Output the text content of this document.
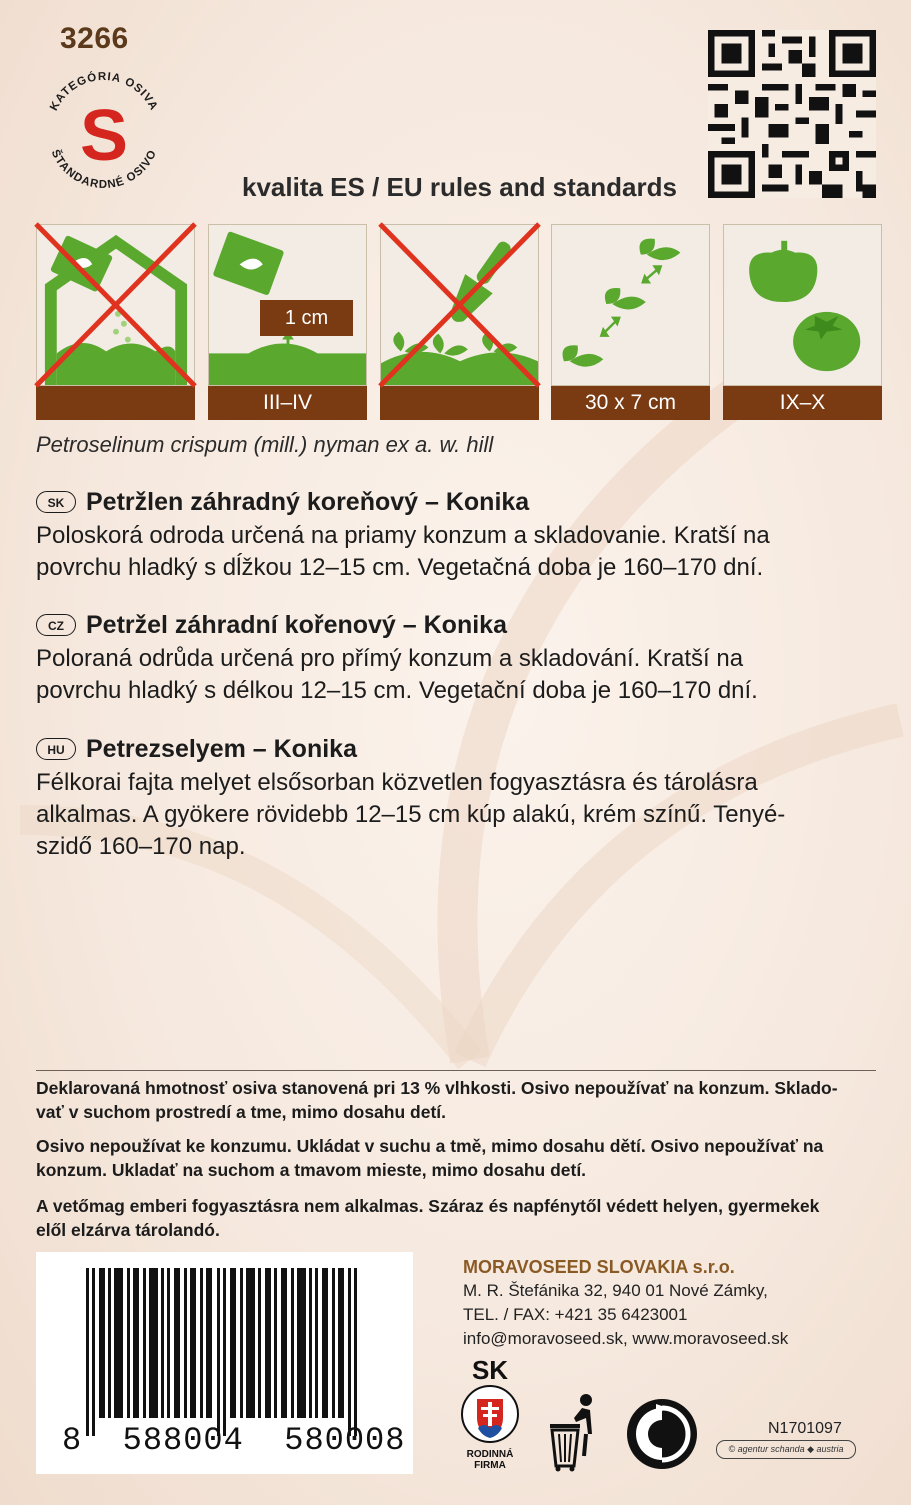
3266
KATEGÓRIA OSIVA
ŠTANDARDNÉ OSIVO
S
kvalita ES / EU rules and standards
III–IV	30 x 7 cm	IX–X
1 cm
Petroselinum crispum (mill.) nyman ex a. w. hill
SK Petržlen záhradný koreňový – Konika
Poloskorá odroda určená na priamy konzum a skladovanie. Kratší na
povrchu hladký s dĺžkou 12–15 cm. Vegetačná doba je 160–170 dní.
CZ Petržel záhradní kořenový – Konika
Polorаná odrůda určená pro přímý konzum a skladování. Kratší na
povrchu hladký s délkou 12–15 cm. Vegetační doba je 160–170 dní.
HU Petrezselyem – Konika
Félkorai fajta melyet elsősorban közvetlen fogyasztásra és tárolásra
alkalmas. A gyökere rövidebb 12–15 cm kúp alakú, krém színű. Tenyé-
szidő 160–170 nap.
Deklarovaná hmotnosť osiva stanovená pri 13 % vlhkosti. Osivo nepoužívať na konzum. Sklado-
vať v suchom prostredí a tme, mimo dosahu detí.
Osivo nepoužívat ke konzumu. Ukládat v suchu a tmě, mimo dosahu dětí. Osivo nepoužívať na
konzum. Ukladať na suchom a tmavom mieste, mimo dosahu detí.
A vetőmag emberi fogyasztásra nem alkalmas. Száraz és napfénytől védett helyen, gyermekek
elől elzárva tárolandó.
8 588004 580008
MORAVOSEED SLOVAKIA s.r.o.
M. R. Štefánika 32, 940 01 Nové Zámky,
TEL. / FAX: +421 35 6423001
info@moravoseed.sk, www.moravoseed.sk
SK
RODINNÁ
FIRMA
N1701097
© agentur schanda ◆ austria
